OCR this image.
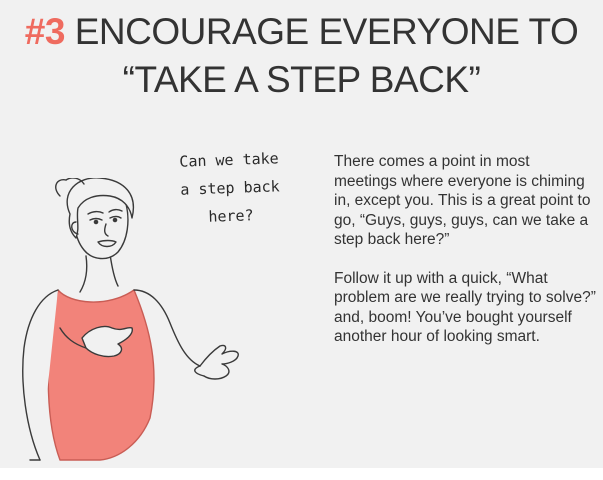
#3 ENCOURAGE EVERYONE TO
“TAKE A STEP BACK”
Can we take
a step back
here?

There comes a point in most meetings where everyone is chiming in, except you. This is a great point to go, “Guys, guys, guys, can we take a step back here?”

Follow it up with a quick, “What problem are we really trying to solve?” and, boom! You’ve bought yourself another hour of looking smart.
